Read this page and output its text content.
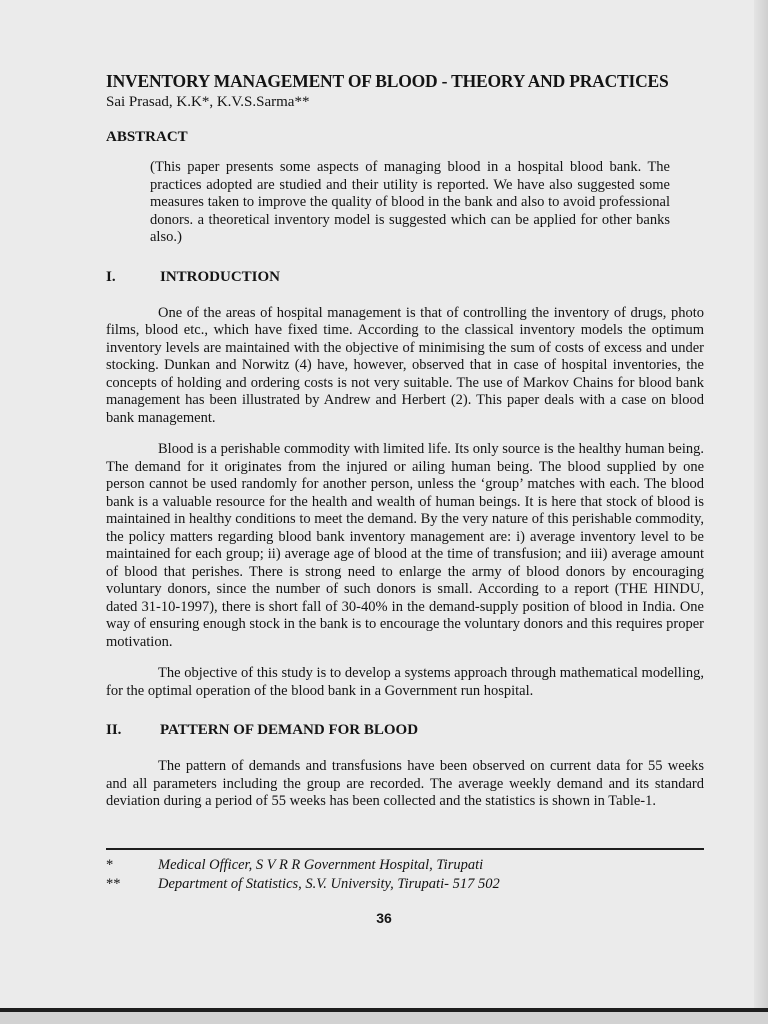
INVENTORY MANAGEMENT OF BLOOD - THEORY AND PRACTICES

Sai Prasad, K.K*, K.V.S.Sarma**

ABSTRACT

(This paper presents some aspects of managing blood in a hospital blood bank. The practices adopted are studied and their utility is reported. We have also suggested some measures taken to improve the quality of blood in the bank and also to avoid professional donors. a theoretical inventory model is suggested which can be applied for other banks also.)

I.	INTRODUCTION

One of the areas of hospital management is that of controlling the inventory of drugs, photo films, blood etc., which have fixed time. According to the classical inventory models the optimum inventory levels are maintained with the objective of minimising the sum of costs of excess and under stocking. Dunkan and Norwitz (4) have, however, observed that in case of hospital inventories, the concepts of holding and ordering costs is not very suitable. The use of Markov Chains for blood bank management has been illustrated by Andrew and Herbert (2). This paper deals with a case on blood bank management.

Blood is a perishable commodity with limited life. Its only source is the healthy human being. The demand for it originates from the injured or ailing human being. The blood supplied by one person cannot be used randomly for another person, unless the ‘group’ matches with each. The blood bank is a valuable resource for the health and wealth of human beings. It is here that stock of blood is maintained in healthy conditions to meet the demand. By the very nature of this perishable commodity, the policy matters regarding blood bank inventory management are: i) average inventory level to be maintained for each group; ii) average age of blood at the time of transfusion; and iii) average amount of blood that perishes. There is strong need to enlarge the army of blood donors by encouraging voluntary donors, since the number of such donors is small. According to a report (THE HINDU, dated 31-10-1997), there is short fall of 30-40% in the demand-supply position of blood in India. One way of ensuring enough stock in the bank is to encourage the voluntary donors and this requires proper motivation.

The objective of this study is to develop a systems approach through mathematical modelling, for the optimal operation of the blood bank in a Government run hospital.

II.	PATTERN OF DEMAND FOR BLOOD

The pattern of demands and transfusions have been observed on current data for 55 weeks and all parameters including the group are recorded. The average weekly demand and its standard deviation during a period of 55 weeks has been collected and the statistics is shown in Table-1.

*	Medical Officer, S V R R Government Hospital, Tirupati
**	Department of Statistics, S.V. University, Tirupati- 517 502
36
